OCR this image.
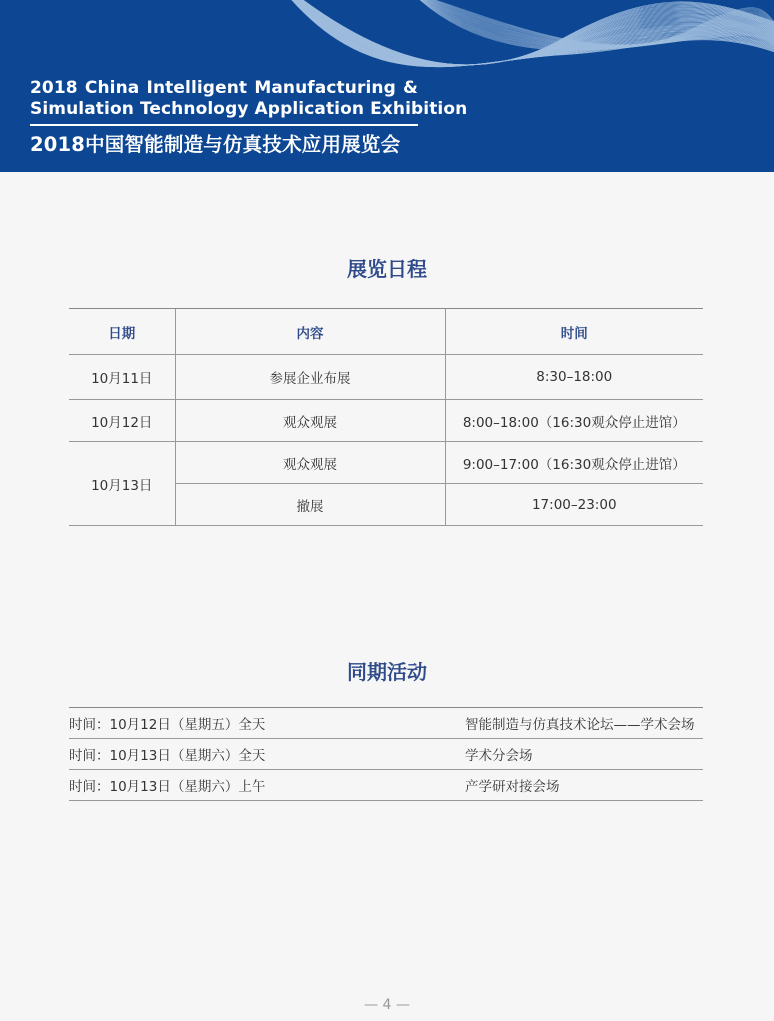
2018 China Intelligent Manufacturing &
Simulation Technology Application Exhibition
2018中国智能制造与仿真技术应用展览会
展览日程
日期	内容	时间
10月11日	参展企业布展	8:30–18:00
10月12日	观众观展	8:00–18:00（16:30观众停止进馆）
10月13日	观众观展	9:00–17:00（16:30观众停止进馆）
	撤展	17:00–23:00
同期活动
时间：10月12日（星期五）全天	智能制造与仿真技术论坛——学术会场
时间：10月13日（星期六）全天	学术分会场
时间：10月13日（星期六）上午	产学研对接会场
— 4 —
